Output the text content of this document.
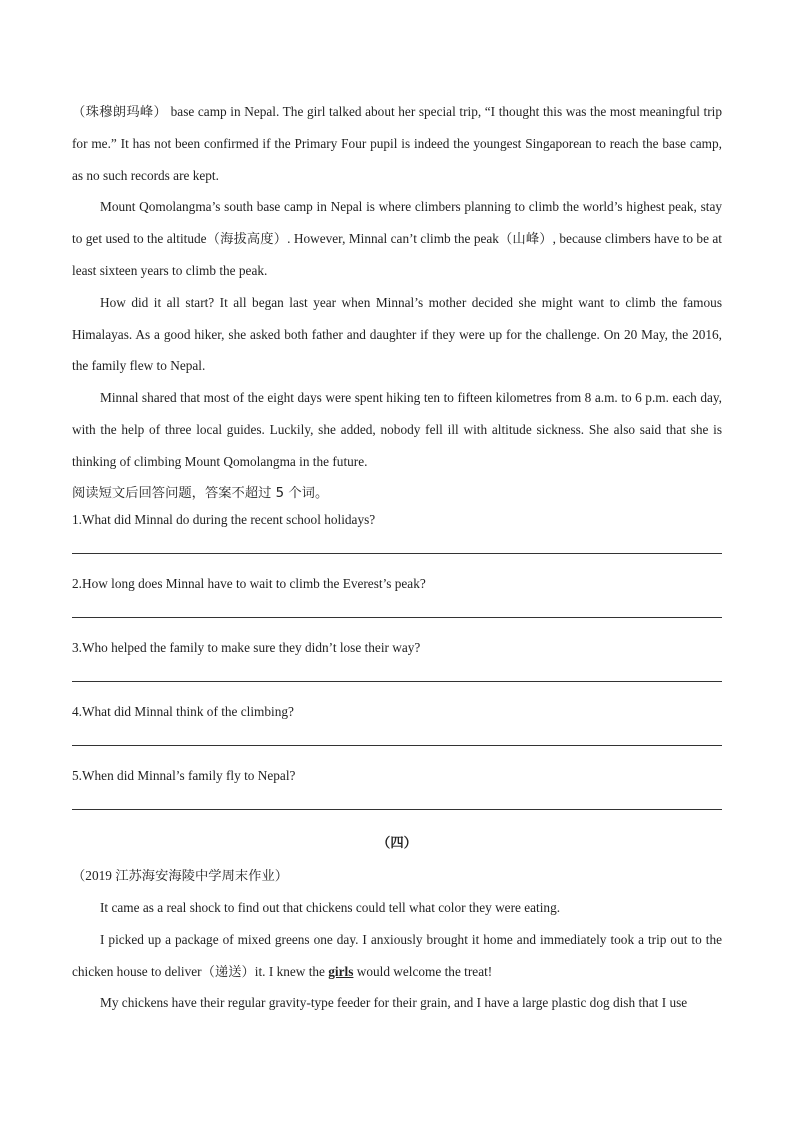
（珠穆朗玛峰） base camp in Nepal. The girl talked about her special trip, “I thought this was the most meaningful trip for me.” It has not been confirmed if the Primary Four pupil is indeed the youngest Singaporean to reach the base camp, as no such records are kept.

Mount Qomolangma’s south base camp in Nepal is where climbers planning to climb the world’s highest peak, stay to get used to the altitude（海拔高度）. However, Minnal can’t climb the peak（山峰）, because climbers have to be at least sixteen years to climb the peak.

How did it all start? It all began last year when Minnal’s mother decided she might want to climb the famous Himalayas. As a good hiker, she asked both father and daughter if they were up for the challenge. On 20 May, the 2016, the family flew to Nepal.

Minnal shared that most of the eight days were spent hiking ten to fifteen kilometres from 8 a.m. to 6 p.m. each day, with the help of three local guides. Luckily, she added, nobody fell ill with altitude sickness. She also said that she is thinking of climbing Mount Qomolangma in the future.

阅读短文后回答问题，答案不超过 5 个词。

1.What did Minnal do during the recent school holidays?

2.How long does Minnal have to wait to climb the Everest’s peak?

3.Who helped the family to make sure they didn’t lose their way?

4.What did Minnal think of the climbing?

5.When did Minnal’s family fly to Nepal?

（四）

（2019 江苏海安海陵中学周末作业）

It came as a real shock to find out that chickens could tell what color they were eating.

I picked up a package of mixed greens one day. I anxiously brought it home and immediately took a trip out to the chicken house to deliver（递送）it. I knew the girls would welcome the treat!

My chickens have their regular gravity-type feeder for their grain, and I have a large plastic dog dish that I use
